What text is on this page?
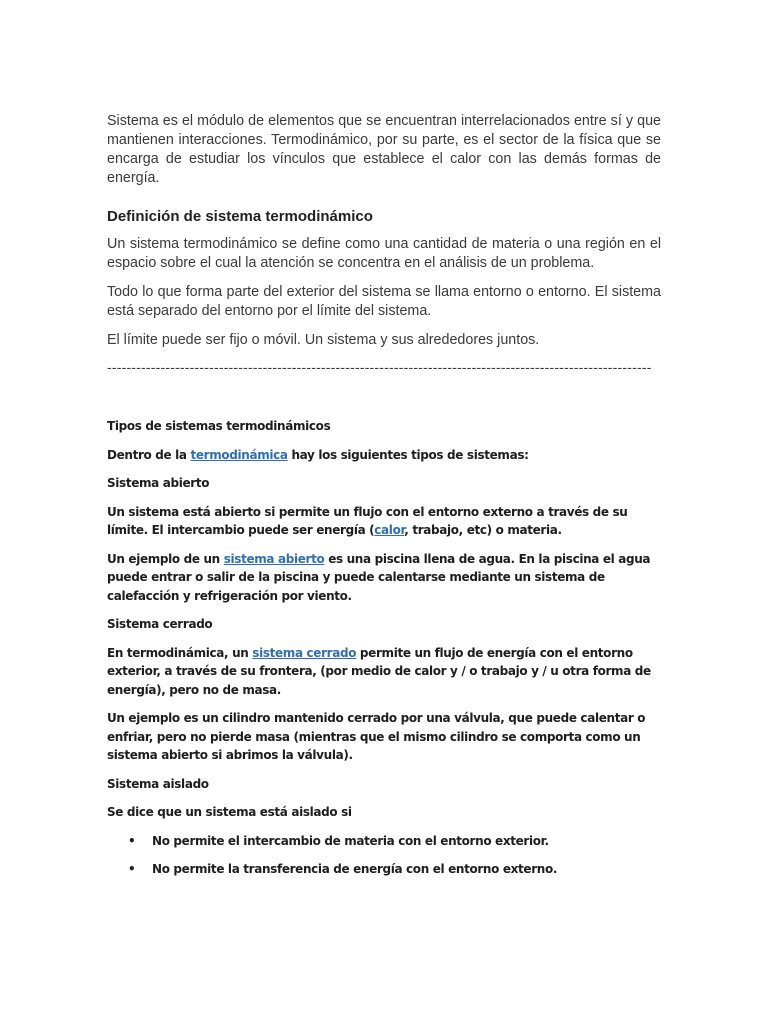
Sistema es el módulo de elementos que se encuentran interrelacionados entre sí y que mantienen interacciones. Termodinámico, por su parte, es el sector de la física que se encarga de estudiar los vínculos que establece el calor con las demás formas de energía.

Definición de sistema termodinámico

Un sistema termodinámico se define como una cantidad de materia o una región en el espacio sobre el cual la atención se concentra en el análisis de un problema.

Todo lo que forma parte del exterior del sistema se llama entorno o entorno. El sistema está separado del entorno por el límite del sistema.

El límite puede ser fijo o móvil. Un sistema y sus alrededores juntos.

----------------------------------------------------------------------------------------------------------------

Tipos de sistemas termodinámicos

Dentro de la termodinámica hay los siguientes tipos de sistemas:

Sistema abierto

Un sistema está abierto si permite un flujo con el entorno externo a través de su límite. El intercambio puede ser energía (calor, trabajo, etc) o materia.

Un ejemplo de un sistema abierto es una piscina llena de agua. En la piscina el agua puede entrar o salir de la piscina y puede calentarse mediante un sistema de calefacción y refrigeración por viento.

Sistema cerrado

En termodinámica, un sistema cerrado permite un flujo de energía con el entorno exterior, a través de su frontera, (por medio de calor y / o trabajo y / u otra forma de energía), pero no de masa.

Un ejemplo es un cilindro mantenido cerrado por una válvula, que puede calentar o enfriar, pero no pierde masa (mientras que el mismo cilindro se comporta como un sistema abierto si abrimos la válvula).

Sistema aislado

Se dice que un sistema está aislado si

• No permite el intercambio de materia con el entorno exterior.
• No permite la transferencia de energía con el entorno externo.
